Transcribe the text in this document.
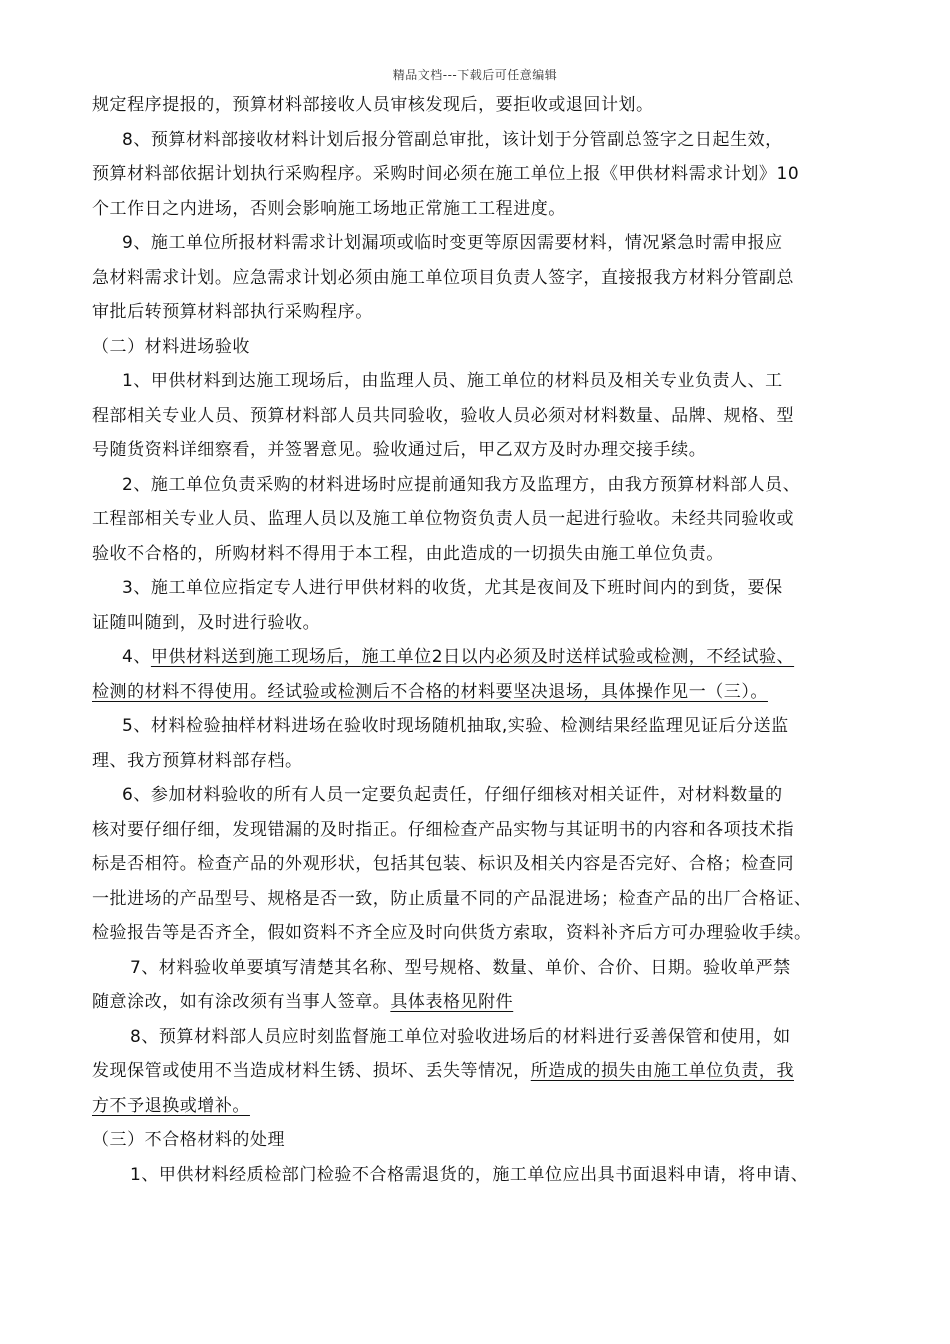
精品文档---下载后可任意编辑
规定程序提报的，预算材料部接收人员审核发现后，要拒收或退回计划。
8、预算材料部接收材料计划后报分管副总审批，该计划于分管副总签字之日起生效，
预算材料部依据计划执行采购程序。采购时间必须在施工单位上报《甲供材料需求计划》10
个工作日之内进场，否则会影响施工场地正常施工工程进度。
9、施工单位所报材料需求计划漏项或临时变更等原因需要材料，情况紧急时需申报应
急材料需求计划。应急需求计划必须由施工单位项目负责人签字，直接报我方材料分管副总
审批后转预算材料部执行采购程序。
（二）材料进场验收
1、甲供材料到达施工现场后，由监理人员、施工单位的材料员及相关专业负责人、工
程部相关专业人员、预算材料部人员共同验收，验收人员必须对材料数量、品牌、规格、型
号随货资料详细察看，并签署意见。验收通过后，甲乙双方及时办理交接手续。
2、施工单位负责采购的材料进场时应提前通知我方及监理方，由我方预算材料部人员、
工程部相关专业人员、监理人员以及施工单位物资负责人员一起进行验收。未经共同验收或
验收不合格的，所购材料不得用于本工程，由此造成的一切损失由施工单位负责。
3、施工单位应指定专人进行甲供材料的收货，尤其是夜间及下班时间内的到货，要保
证随叫随到，及时进行验收。
4、甲供材料送到施工现场后，施工单位2日以内必须及时送样试验或检测，不经试验、
检测的材料不得使用。经试验或检测后不合格的材料要坚决退场，具体操作见一（三）。
5、材料检验抽样材料进场在验收时现场随机抽取,实验、检测结果经监理见证后分送监
理、我方预算材料部存档。
6、参加材料验收的所有人员一定要负起责任，仔细仔细核对相关证件，对材料数量的
核对要仔细仔细，发现错漏的及时指正。仔细检查产品实物与其证明书的内容和各项技术指
标是否相符。检查产品的外观形状，包括其包装、标识及相关内容是否完好、合格；检查同
一批进场的产品型号、规格是否一致，防止质量不同的产品混进场；检查产品的出厂合格证、
检验报告等是否齐全，假如资料不齐全应及时向供货方索取，资料补齐后方可办理验收手续。
7、材料验收单要填写清楚其名称、型号规格、数量、单价、合价、日期。验收单严禁
随意涂改，如有涂改须有当事人签章。具体表格见附件
8、预算材料部人员应时刻监督施工单位对验收进场后的材料进行妥善保管和使用，如
发现保管或使用不当造成材料生锈、损坏、丢失等情况，所造成的损失由施工单位负责，我
方不予退换或增补。
（三）不合格材料的处理
1、甲供材料经质检部门检验不合格需退货的，施工单位应出具书面退料申请，将申请、
